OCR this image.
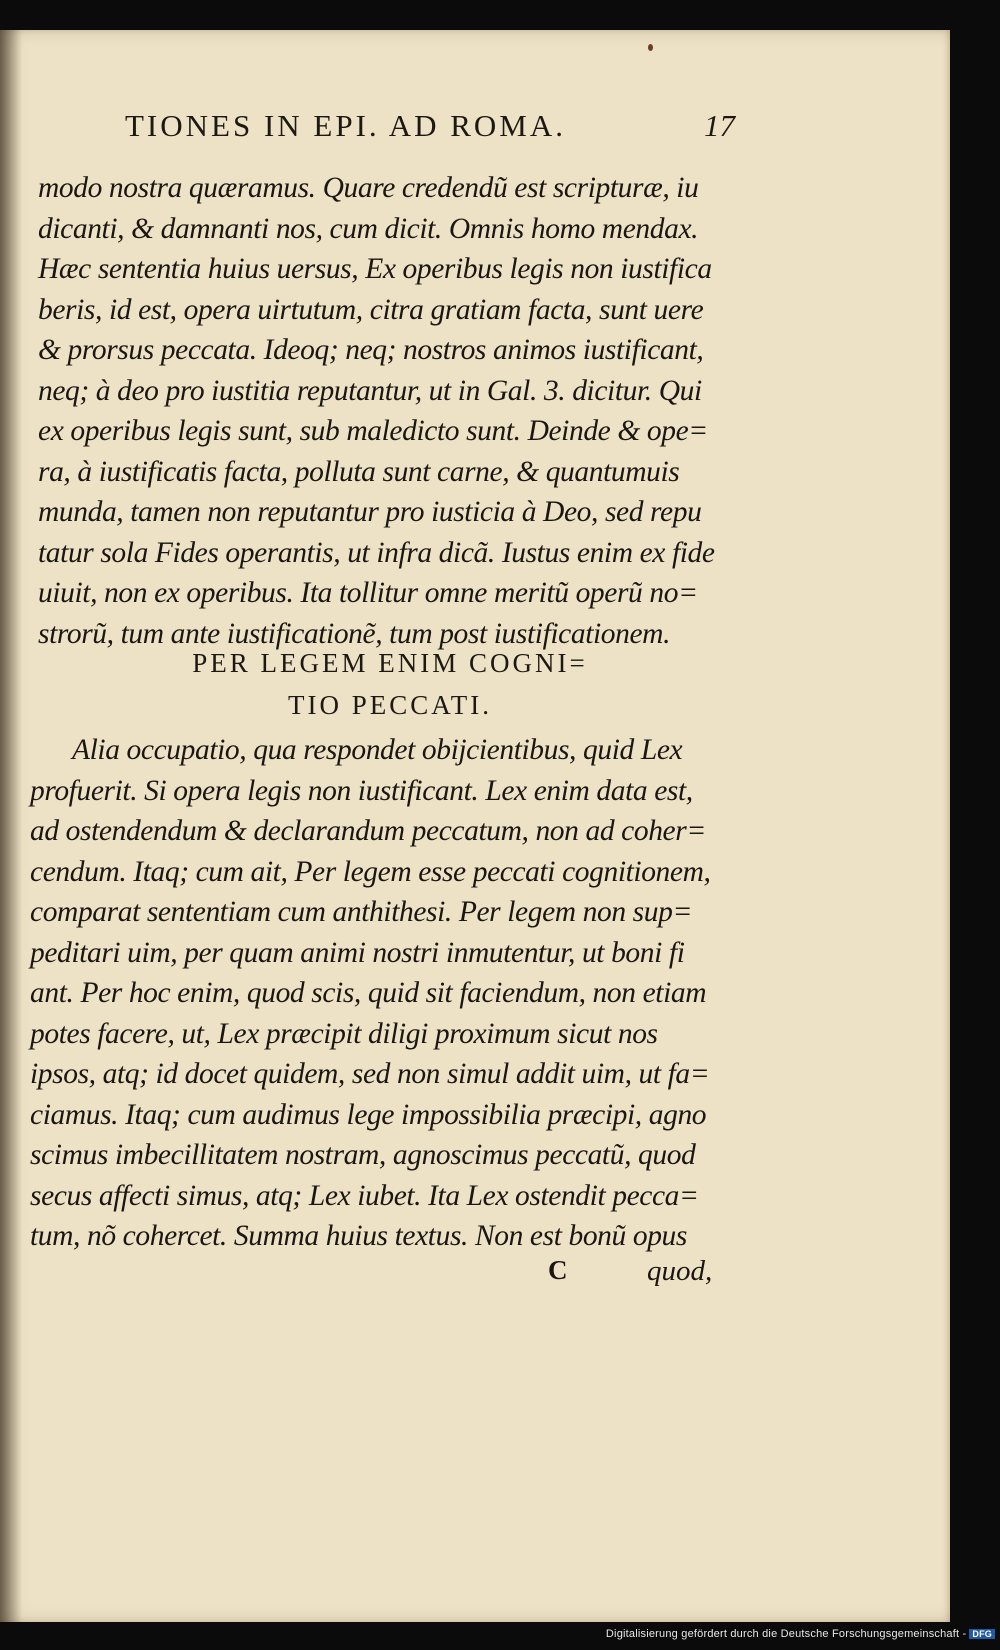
TIONES IN EPI. AD ROMA.	17
modo nostra quæramus. Quare credendũ est scripturæ, iu
dicanti, & damnanti nos, cum dicit. Omnis homo mendax.
Hæc sententia huius uersus, Ex operibus legis non iustifica
beris, id est, opera uirtutum, citra gratiam facta, sunt uere
& prorsus peccata. Ideoq; neq; nostros animos iustificant,
neq; à deo pro iustitia reputantur, ut in Gal. 3. dicitur. Qui
ex operibus legis sunt, sub maledicto sunt. Deinde & ope=
ra, à iustificatis facta, polluta sunt carne, & quantumuis
munda, tamen non reputantur pro iusticia à Deo, sed repu
tatur sola Fides operantis, ut infra dicã. Iustus enim ex fide
uiuit, non ex operibus. Ita tollitur omne meritũ operũ no=
strorũ, tum ante iustificationẽ, tum post iustificationem.
PER LEGEM ENIM COGNI=
TIO PECCATI.
Alia occupatio, qua respondet obijcientibus, quid Lex
profuerit. Si opera legis non iustificant. Lex enim data est,
ad ostendendum & declarandum peccatum, non ad coher=
cendum. Itaq; cum ait, Per legem esse peccati cognitionem,
comparat sententiam cum anthithesi. Per legem non sup=
peditari uim, per quam animi nostri inmutentur, ut boni fi
ant. Per hoc enim, quod scis, quid sit faciendum, non etiam
potes facere, ut, Lex præcipit diligi proximum sicut nos
ipsos, atq; id docet quidem, sed non simul addit uim, ut fa=
ciamus. Itaq; cum audimus lege impossibilia præcipi, agno
scimus imbecillitatem nostram, agnoscimus peccatũ, quod
secus affecti simus, atq; Lex iubet. Ita Lex ostendit pecca=
tum, nõ cohercet. Summa huius textus. Non est bonũ opus
C	quod,
Digitalisierung gefördert durch die Deutsche Forschungsgemeinschaft - DFG
